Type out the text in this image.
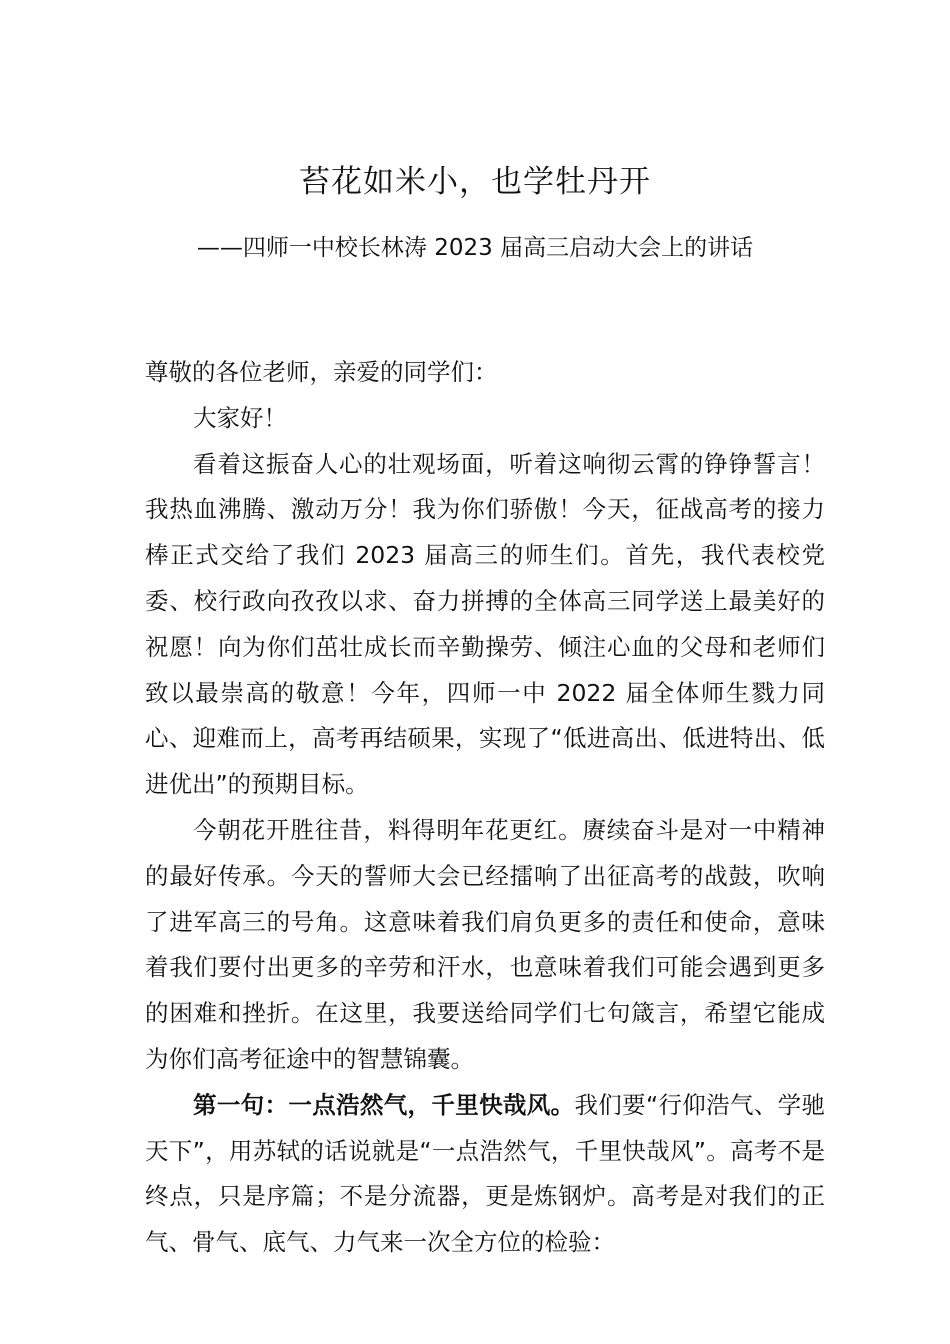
苔花如米小，也学牡丹开
——四师一中校长林涛 2023 届高三启动大会上的讲话

尊敬的各位老师，亲爱的同学们：

大家好！

看着这振奋人心的壮观场面，听着这响彻云霄的铮铮誓言！我热血沸腾、激动万分！我为你们骄傲！今天，征战高考的接力棒正式交给了我们 2023 届高三的师生们。首先，我代表校党委、校行政向孜孜以求、奋力拼搏的全体高三同学送上最美好的祝愿！向为你们茁壮成长而辛勤操劳、倾注心血的父母和老师们致以最崇高的敬意！今年，四师一中 2022 届全体师生戮力同心、迎难而上，高考再结硕果，实现了“低进高出、低进特出、低进优出”的预期目标。

今朝花开胜往昔，料得明年花更红。赓续奋斗是对一中精神的最好传承。今天的誓师大会已经擂响了出征高考的战鼓，吹响了进军高三的号角。这意味着我们肩负更多的责任和使命，意味着我们要付出更多的辛劳和汗水，也意味着我们可能会遇到更多的困难和挫折。在这里，我要送给同学们七句箴言，希望它能成为你们高考征途中的智慧锦囊。

第一句：一点浩然气，千里快哉风。我们要“行仰浩气、学驰天下”，用苏轼的话说就是“一点浩然气，千里快哉风”。高考不是终点，只是序篇；不是分流器，更是炼钢炉。高考是对我们的正气、骨气、底气、力气来一次全方位的检验：
